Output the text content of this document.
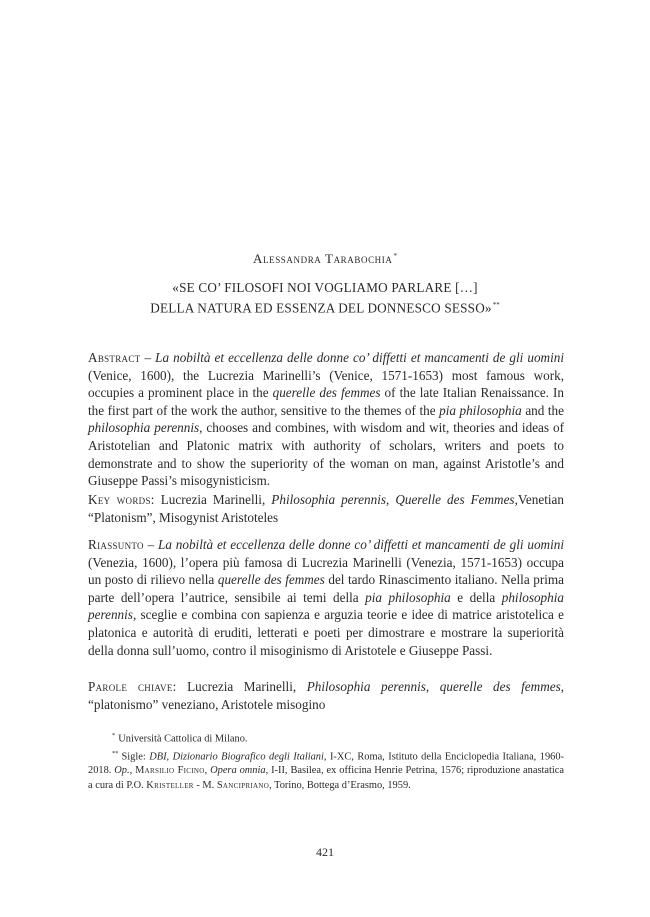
Alessandra Tarabochia*
«SE CO’ FILOSOFI NOI VOGLIAMO PARLARE […]
DELLA NATURA ED ESSENZA DEL DONNESCO SESSO»**

Abstract – La nobiltà et eccellenza delle donne co’ diffetti et mancamenti de gli uomini (Venice, 1600), the Lucrezia Marinelli’s (Venice, 1571-1653) most famous work, occupies a prominent place in the querelle des femmes of the late Italian Renaissance. In the first part of the work the author, sensitive to the themes of the pia philosophia and the philosophia perennis, chooses and combines, with wisdom and wit, theories and ideas of Aristotelian and Platonic matrix with authority of scholars, writers and poets to demonstrate and to show the superiority of the woman on man, against Aristotle’s and Giuseppe Passi’s misogynisticism.

Key words: Lucrezia Marinelli, Philosophia perennis, Querelle des Femmes,Venetian “Platonism”, Misogynist Aristoteles

Riassunto – La nobiltà et eccellenza delle donne co’ diffetti et mancamenti de gli uomini (Venezia, 1600), l’opera più famosa di Lucrezia Marinelli (Venezia, 1571-1653) occupa un posto di rilievo nella querelle des femmes del tardo Rinascimento italiano. Nella prima parte dell’opera l’autrice, sensibile ai temi della pia philosophia e della philosophia perennis, sceglie e combina con sapienza e arguzia teorie e idee di matrice aristotelica e platonica e autorità di eruditi, letterati e poeti per dimostrare e mostrare la superiorità della donna sull’uomo, contro il misoginismo di Aristotele e Giuseppe Passi.

Parole chiave: Lucrezia Marinelli, Philosophia perennis, querelle des femmes, “platonismo” veneziano, Aristotele misogino

* Università Cattolica di Milano.

** Sigle: DBI, Dizionario Biografico degli Italiani, I-XC, Roma, Istituto della Enciclopedia Italiana, 1960-2018. Op., Marsilio Ficino, Opera omnia, I-II, Basilea, ex officina Henrie Petrina, 1576; riproduzione anastatica a cura di P.O. Kristeller - M. Sancipriano, Torino, Bottega d’Erasmo, 1959.

421
